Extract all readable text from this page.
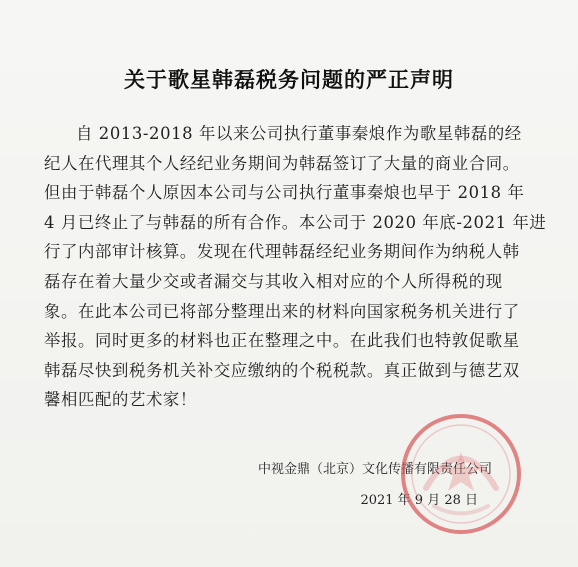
关于歌星韩磊税务问题的严正声明
自 2013-2018 年以来公司执行董事秦烺作为歌星韩磊的经
纪人在代理其个人经纪业务期间为韩磊签订了大量的商业合同。
但由于韩磊个人原因本公司与公司执行董事秦烺也早于 2018 年
4 月已终止了与韩磊的所有合作。本公司于 2020 年底-2021 年进
行了内部审计核算。发现在代理韩磊经纪业务期间作为纳税人韩
磊存在着大量少交或者漏交与其收入相对应的个人所得税的现
象。在此本公司已将部分整理出来的材料向国家税务机关进行了
举报。同时更多的材料也正在整理之中。在此我们也特敦促歌星
韩磊尽快到税务机关补交应缴纳的个税税款。真正做到与德艺双
馨相匹配的艺术家！
中视金鼎（北京）文化传播有限责任公司
2021 年 9 月 28 日
